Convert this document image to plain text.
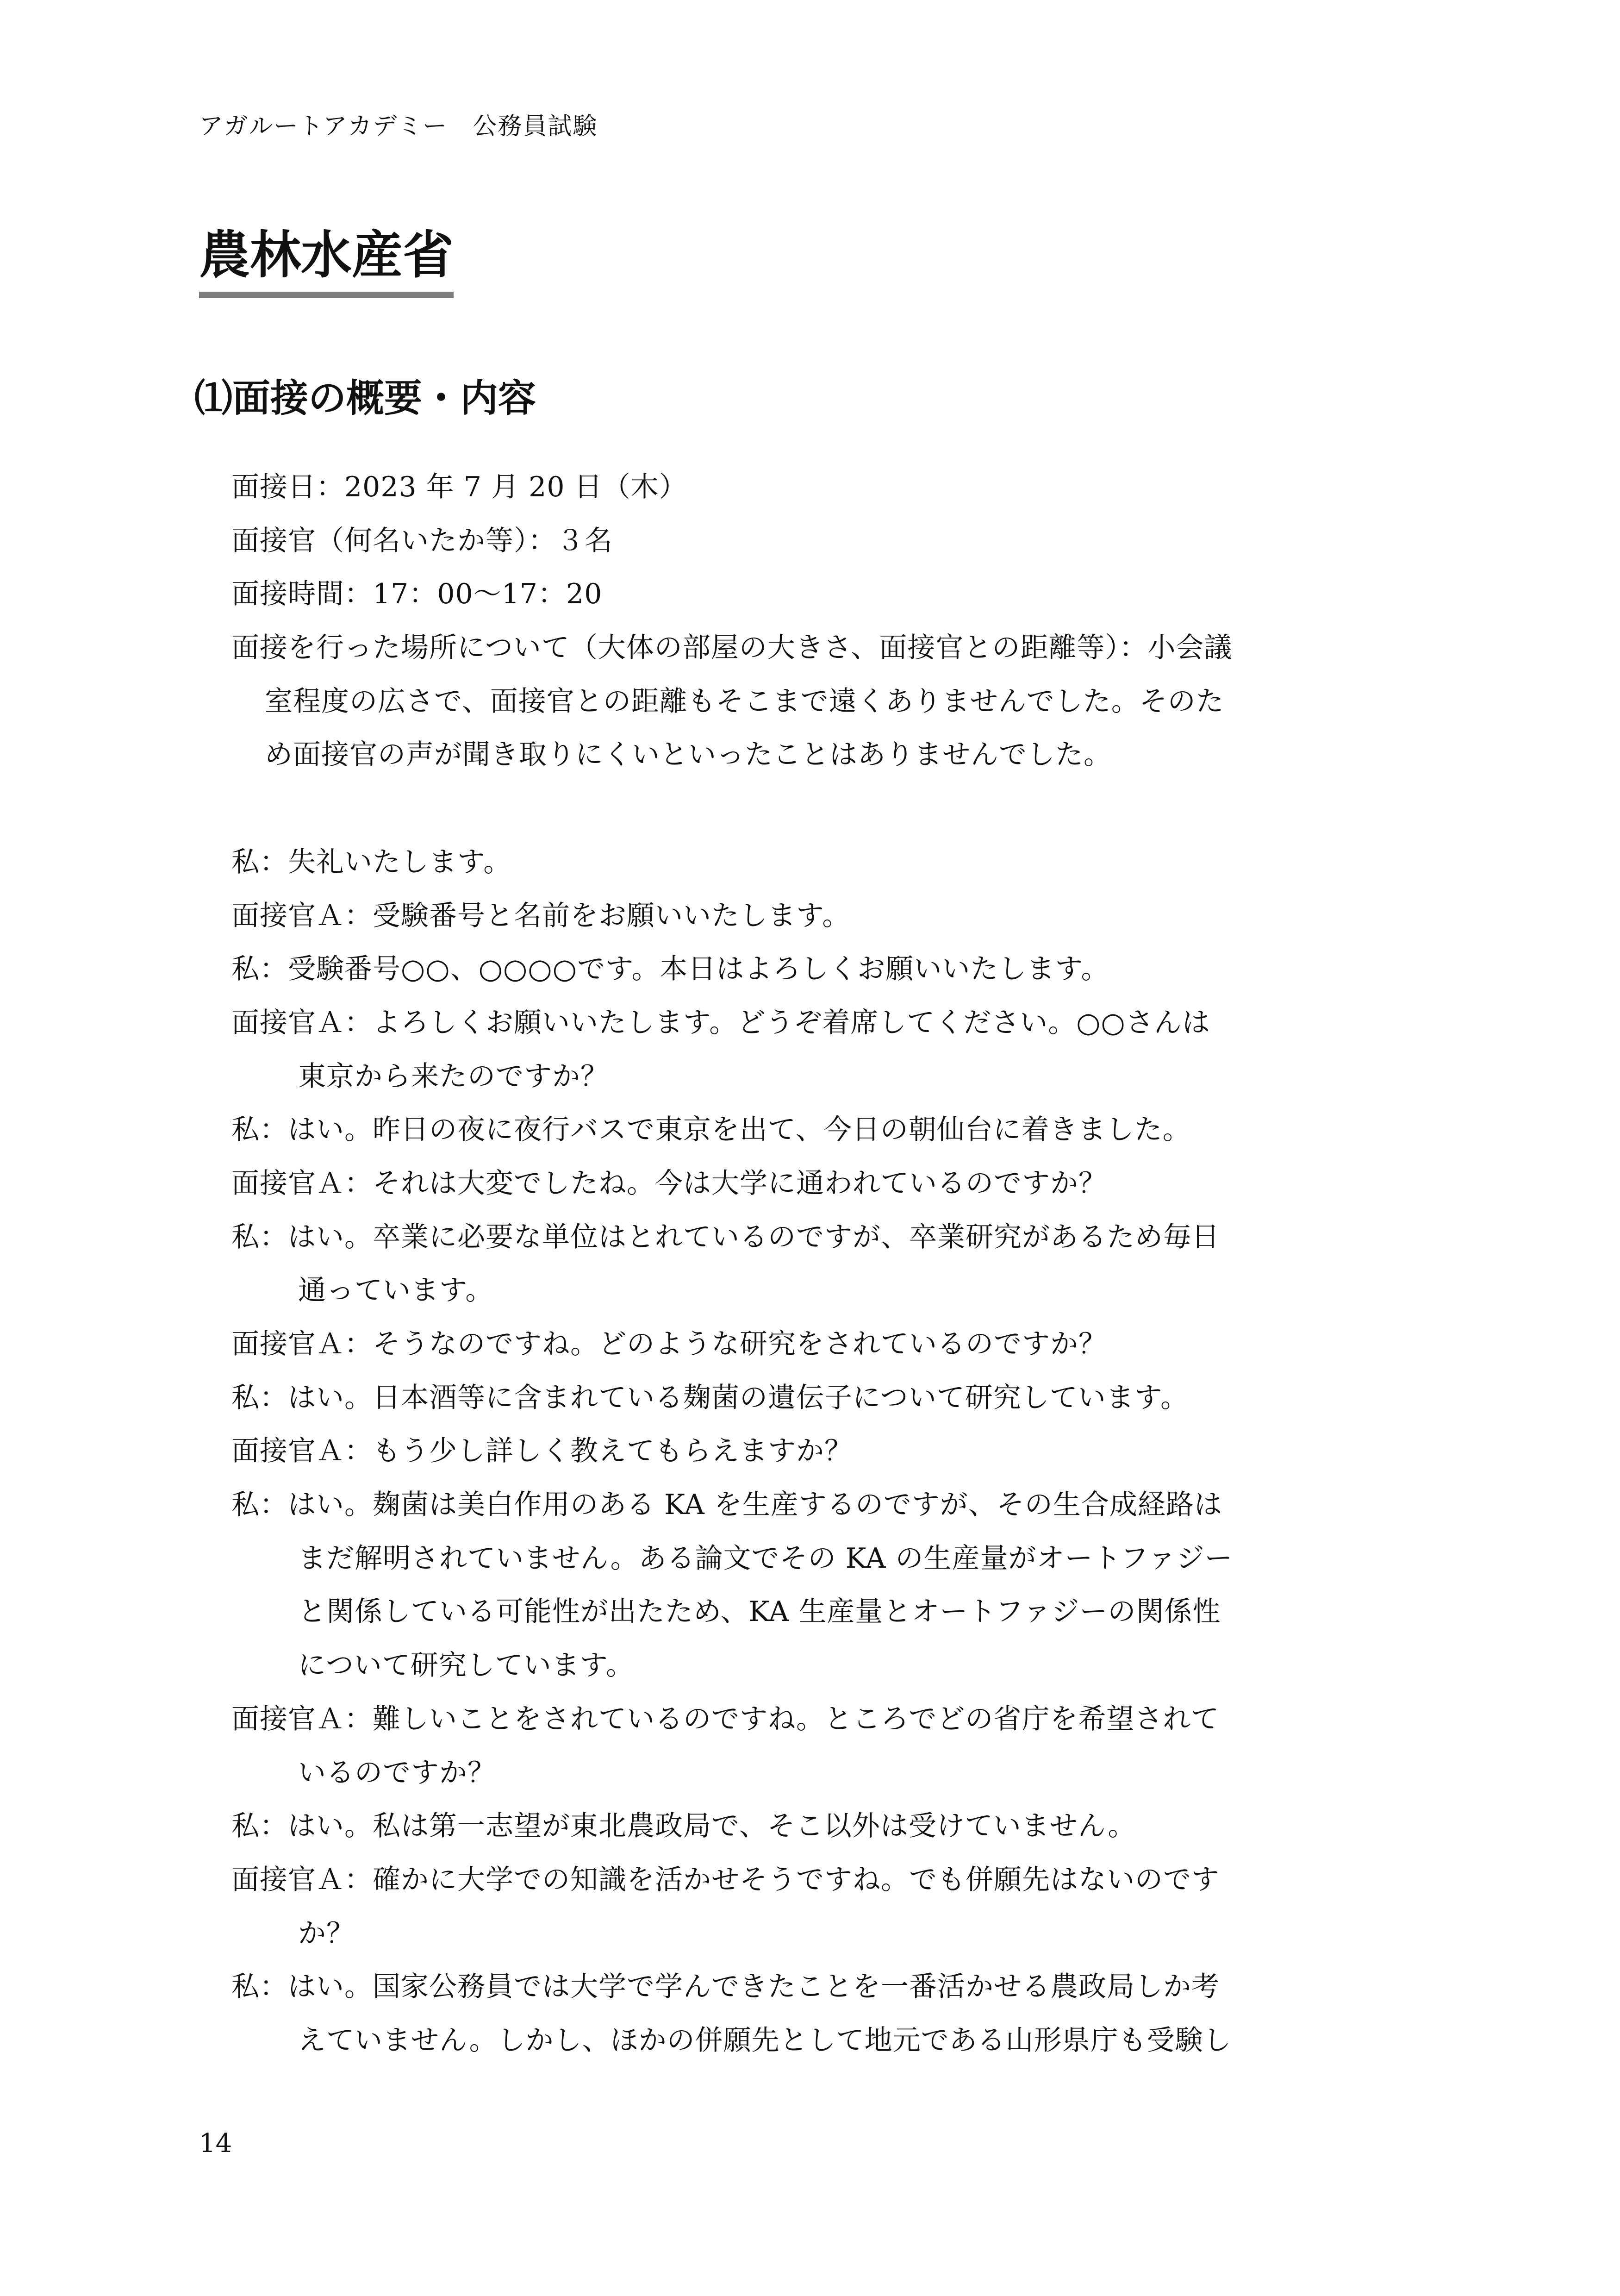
アガルートアカデミー　公務員試験
農林水産省
⑴面接の概要・内容
面接日：2023 年 7 月 20 日（木）
面接官（何名いたか等）：３名
面接時間：17：00〜17：20
面接を行った場所について（大体の部屋の大きさ、面接官との距離等）：小会議
室程度の広さで、面接官との距離もそこまで遠くありませんでした。そのた
め面接官の声が聞き取りにくいといったことはありませんでした。
私：失礼いたします。
面接官Ａ：受験番号と名前をお願いいたします。
私：受験番号○○、○○○○です。本日はよろしくお願いいたします。
面接官Ａ：よろしくお願いいたします。どうぞ着席してください。○○さんは
東京から来たのですか？
私：はい。昨日の夜に夜行バスで東京を出て、今日の朝仙台に着きました。
面接官Ａ：それは大変でしたね。今は大学に通われているのですか？
私：はい。卒業に必要な単位はとれているのですが、卒業研究があるため毎日
通っています。
面接官Ａ：そうなのですね。どのような研究をされているのですか？
私：はい。日本酒等に含まれている麹菌の遺伝子について研究しています。
面接官Ａ：もう少し詳しく教えてもらえますか？
私：はい。麹菌は美白作用のある KA を生産するのですが、その生合成経路は
まだ解明されていません。ある論文でその KA の生産量がオートファジー
と関係している可能性が出たため、KA 生産量とオートファジーの関係性
について研究しています。
面接官Ａ：難しいことをされているのですね。ところでどの省庁を希望されて
いるのですか？
私：はい。私は第一志望が東北農政局で、そこ以外は受けていません。
面接官Ａ：確かに大学での知識を活かせそうですね。でも併願先はないのです
か？
私：はい。国家公務員では大学で学んできたことを一番活かせる農政局しか考
えていません。しかし、ほかの併願先として地元である山形県庁も受験し
14
